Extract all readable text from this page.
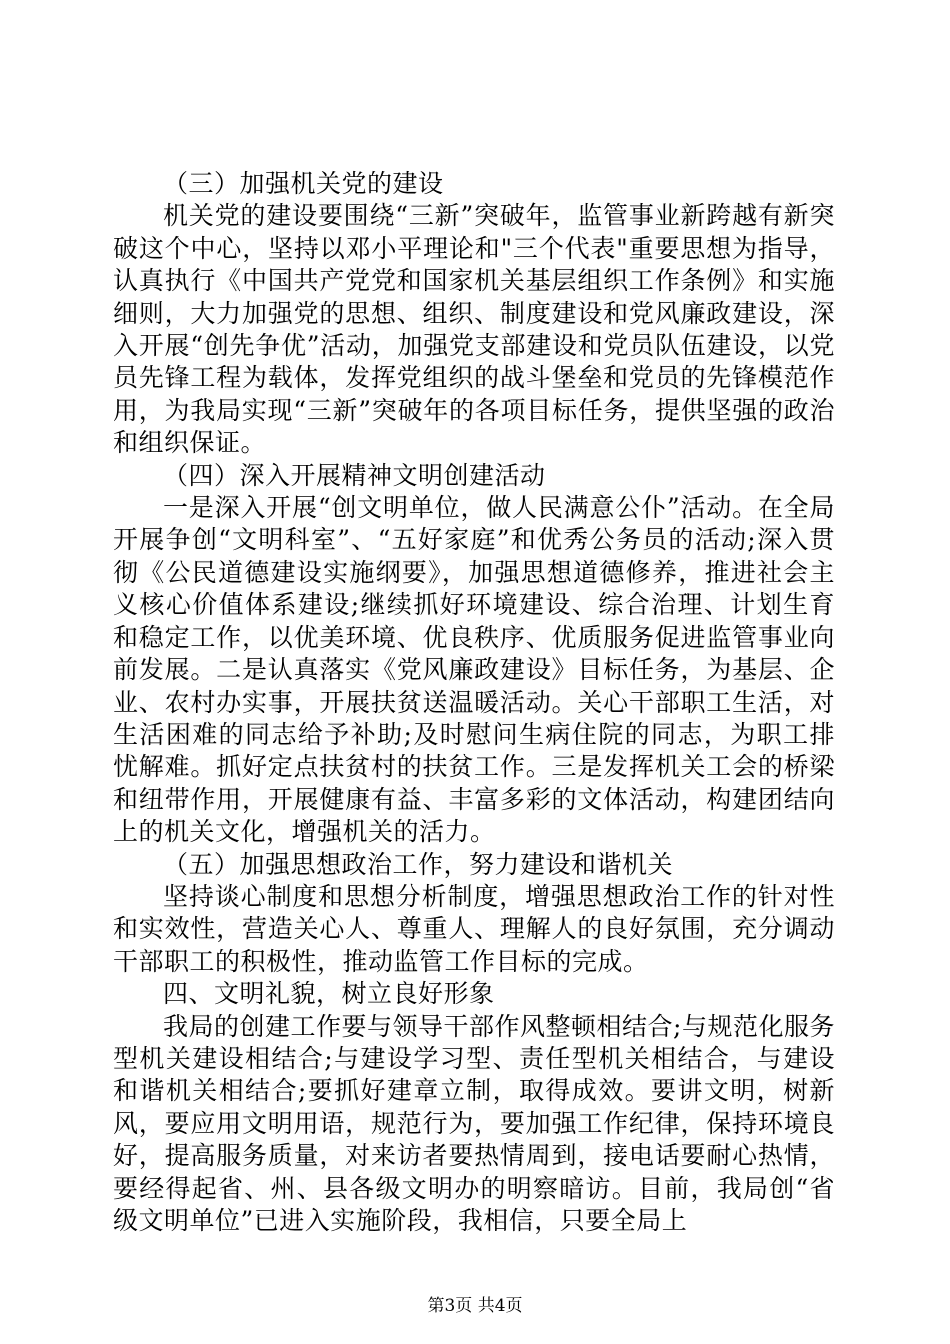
（三）加强机关党的建设

机关党的建设要围绕“三新”突破年，监管事业新跨越有新突破这个中心，坚持以邓小平理论和"三个代表"重要思想为指导，认真执行《中国共产党党和国家机关基层组织工作条例》和实施细则，大力加强党的思想、组织、制度建设和党风廉政建设，深入开展“创先争优”活动，加强党支部建设和党员队伍建设，以党员先锋工程为载体，发挥党组织的战斗堡垒和党员的先锋模范作用，为我局实现“三新”突破年的各项目标任务，提供坚强的政治和组织保证。

（四）深入开展精神文明创建活动

一是深入开展“创文明单位，做人民满意公仆”活动。在全局开展争创“文明科室”、“五好家庭”和优秀公务员的活动;深入贯彻《公民道德建设实施纲要》，加强思想道德修养，推进社会主义核心价值体系建设;继续抓好环境建设、综合治理、计划生育和稳定工作，以优美环境、优良秩序、优质服务促进监管事业向前发展。二是认真落实《党风廉政建设》目标任务，为基层、企业、农村办实事，开展扶贫送温暖活动。关心干部职工生活，对生活困难的同志给予补助;及时慰问生病住院的同志，为职工排忧解难。抓好定点扶贫村的扶贫工作。三是发挥机关工会的桥梁和纽带作用，开展健康有益、丰富多彩的文体活动，构建团结向上的机关文化，增强机关的活力。

（五）加强思想政治工作，努力建设和谐机关

坚持谈心制度和思想分析制度，增强思想政治工作的针对性和实效性，营造关心人、尊重人、理解人的良好氛围，充分调动干部职工的积极性，推动监管工作目标的完成。

四、文明礼貌，树立良好形象

我局的创建工作要与领导干部作风整顿相结合;与规范化服务型机关建设相结合;与建设学习型、责任型机关相结合，与建设和谐机关相结合;要抓好建章立制，取得成效。要讲文明，树新风，要应用文明用语，规范行为，要加强工作纪律，保持环境良好，提高服务质量，对来访者要热情周到，接电话要耐心热情，要经得起省、州、县各级文明办的明察暗访。目前，我局创“省级文明单位”已进入实施阶段，我相信，只要全局上

第3页 共4页
